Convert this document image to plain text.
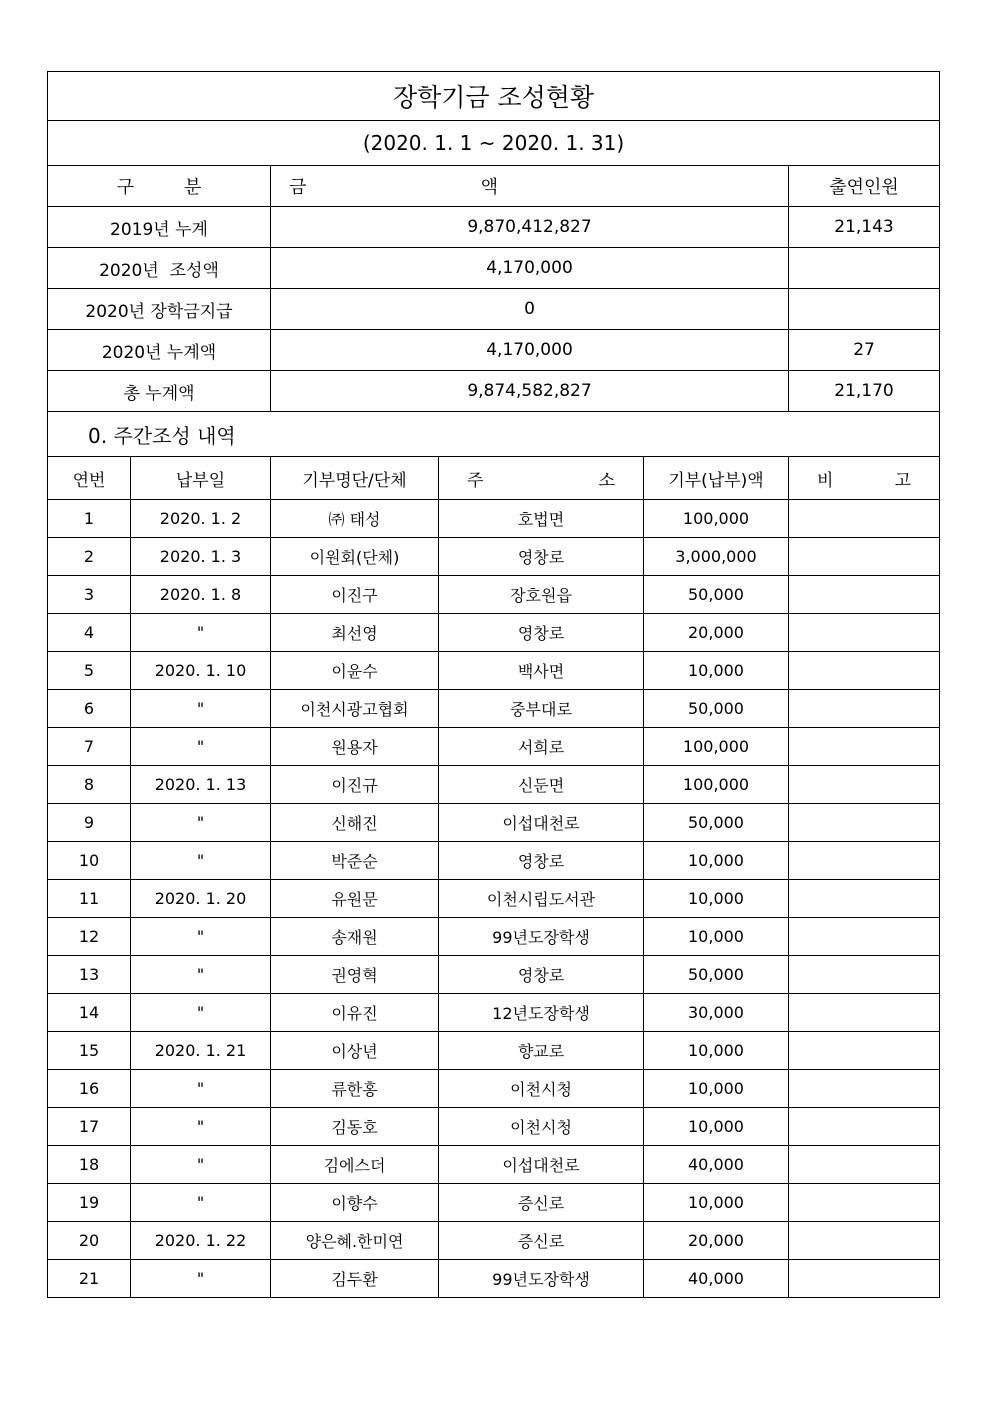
장학기금 조성현황					
(2020. 1. 1 ~ 2020. 1. 31)					

구 분		금 액			출연인원
2019년 누계		9,870,412,827			21,143
2020년  조성액		4,170,000			
2020년 장학금지급		0			
2020년 누계액		4,170,000			27
총 누계액		9,874,582,827			21,170
0. 주간조성 내역					
연번	납부일	기부명단/단체	주 소	기부(납부)액	비 고

1	2020. 1. 2	㈜ 태성	호법면	100,000	
2	2020. 1. 3	이원회(단체)	영창로	3,000,000	
3	2020. 1. 8	이진구	장호원읍	50,000	
4	"	최선영	영창로	20,000	
5	2020. 1. 10	이윤수	백사면	10,000	
6	"	이천시광고협회	중부대로	50,000	
7	"	원용자	서희로	100,000	
8	2020. 1. 13	이진규	신둔면	100,000	
9	"	신해진	이섭대천로	50,000	
10	"	박준순	영창로	10,000	
11	2020. 1. 20	유원문	이천시립도서관	10,000	
12	"	송재원	99년도장학생	10,000	
13	"	권영혁	영창로	50,000	
14	"	이유진	12년도장학생	30,000	
15	2020. 1. 21	이상년	향교로	10,000	
16	"	류한홍	이천시청	10,000	
17	"	김동호	이천시청	10,000	
18	"	김에스더	이섭대천로	40,000	
19	"	이향수	증신로	10,000	
20	2020. 1. 22	양은혜.한미연	증신로	20,000	
21	"	김두환	99년도장학생	40,000	
